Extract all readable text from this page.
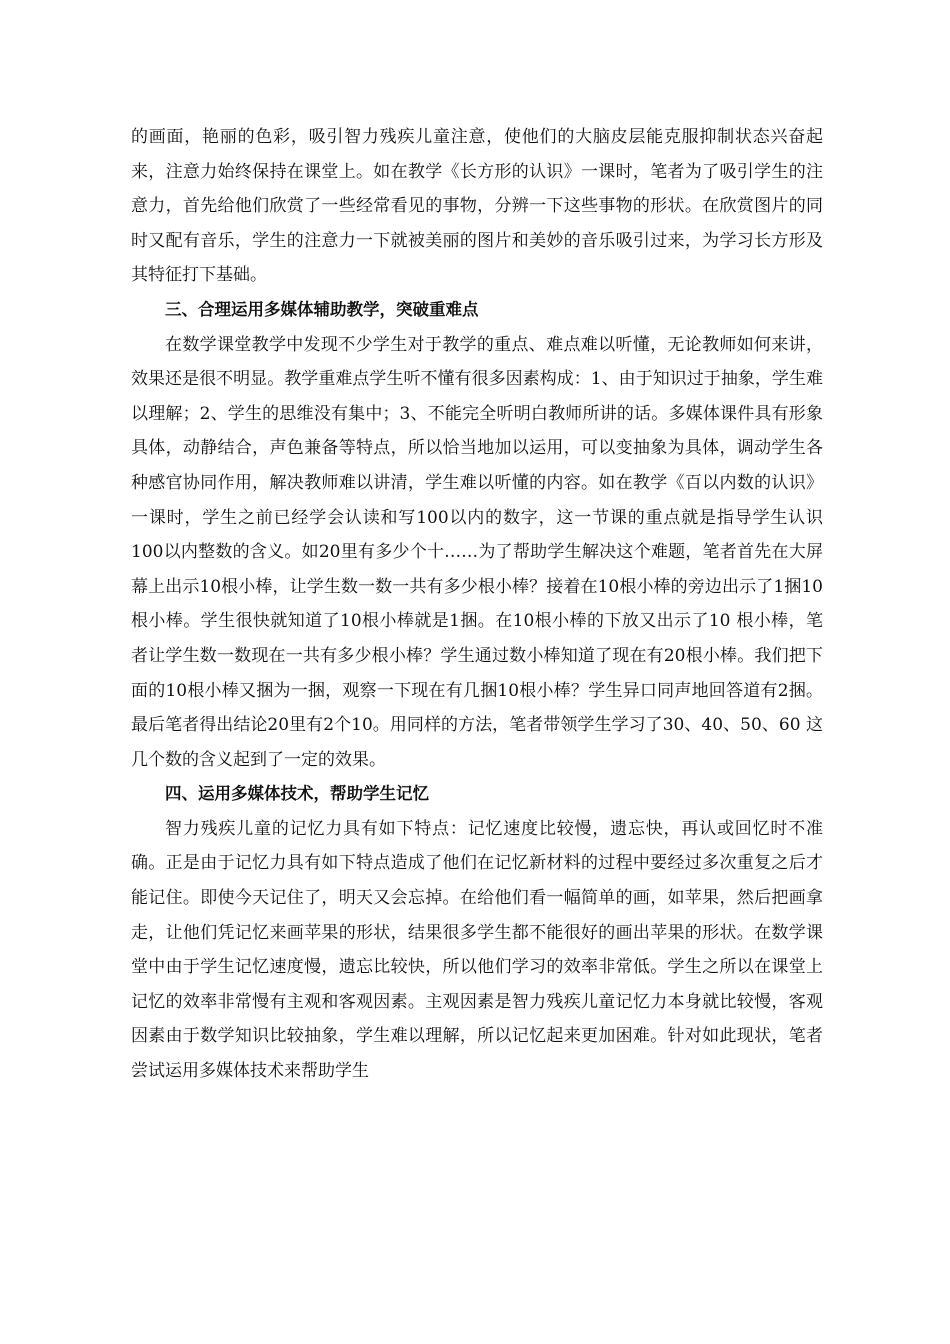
的画面，艳丽的色彩，吸引智力残疾儿童注意，使他们的大脑皮层能克服抑制状态兴奋起来，注意力始终保持在课堂上。如在教学《长方形的认识》一课时，笔者为了吸引学生的注意力，首先给他们欣赏了一些经常看见的事物，分辨一下这些事物的形状。在欣赏图片的同时又配有音乐，学生的注意力一下就被美丽的图片和美妙的音乐吸引过来，为学习长方形及其特征打下基础。

三、合理运用多媒体辅助教学，突破重难点

在数学课堂教学中发现不少学生对于教学的重点、难点难以听懂，无论教师如何来讲，效果还是很不明显。教学重难点学生听不懂有很多因素构成：1、由于知识过于抽象，学生难以理解；2、学生的思维没有集中；3、不能完全听明白教师所讲的话。多媒体课件具有形象具体，动静结合，声色兼备等特点，所以恰当地加以运用，可以变抽象为具体，调动学生各种感官协同作用，解决教师难以讲清，学生难以听懂的内容。如在教学《百以内数的认识》一课时，学生之前已经学会认读和写100以内的数字，这一节课的重点就是指导学生认识100以内整数的含义。如20里有多少个十……为了帮助学生解决这个难题，笔者首先在大屏幕上出示10根小棒，让学生数一数一共有多少根小棒？接着在10根小棒的旁边出示了1捆10根小棒。学生很快就知道了10根小棒就是1捆。在10根小棒的下放又出示了10 根小棒，笔者让学生数一数现在一共有多少根小棒？学生通过数小棒知道了现在有20根小棒。我们把下面的10根小棒又捆为一捆，观察一下现在有几捆10根小棒？学生异口同声地回答道有2捆。最后笔者得出结论20里有2个10。用同样的方法，笔者带领学生学习了30、40、50、60 这几个数的含义起到了一定的效果。

四、运用多媒体技术，帮助学生记忆

智力残疾儿童的记忆力具有如下特点：记忆速度比较慢，遗忘快，再认或回忆时不准确。正是由于记忆力具有如下特点造成了他们在记忆新材料的过程中要经过多次重复之后才能记住。即使今天记住了，明天又会忘掉。在给他们看一幅简单的画，如苹果，然后把画拿走，让他们凭记忆来画苹果的形状，结果很多学生都不能很好的画出苹果的形状。在数学课堂中由于学生记忆速度慢，遗忘比较快，所以他们学习的效率非常低。学生之所以在课堂上记忆的效率非常慢有主观和客观因素。主观因素是智力残疾儿童记忆力本身就比较慢，客观因素由于数学知识比较抽象，学生难以理解，所以记忆起来更加困难。针对如此现状，笔者尝试运用多媒体技术来帮助学生
